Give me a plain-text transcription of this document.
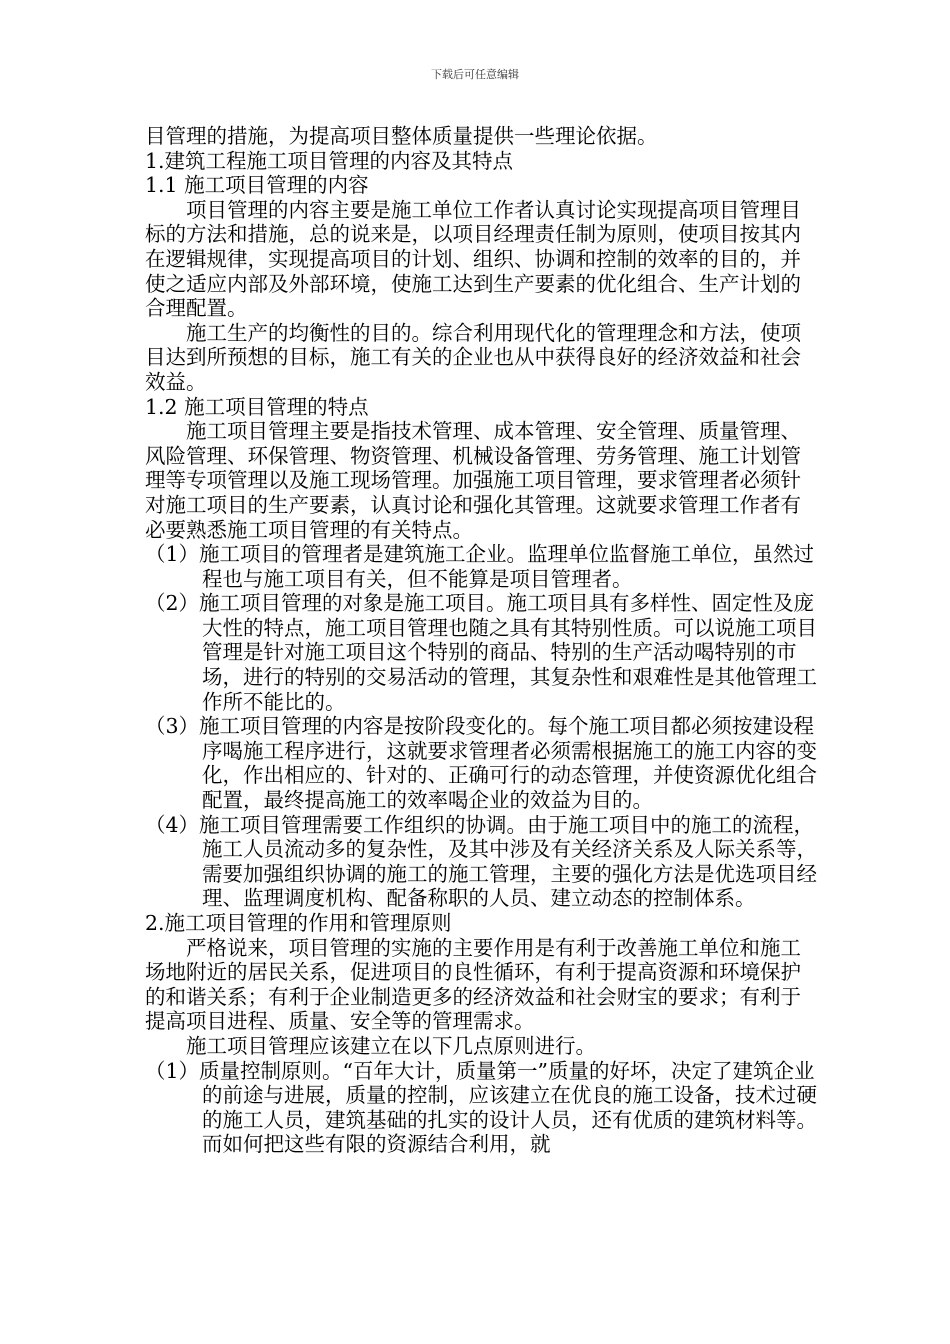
下载后可任意编辑

目管理的措施，为提高项目整体质量提供一些理论依据。

1.建筑工程施工项目管理的内容及其特点

1.1 施工项目管理的内容

项目管理的内容主要是施工单位工作者认真讨论实现提高项目管理目标的方法和措施，总的说来是，以项目经理责任制为原则，使项目按其内在逻辑规律，实现提高项目的计划、组织、协调和控制的效率的目的，并使之适应内部及外部环境，使施工达到生产要素的优化组合、生产计划的合理配置。

施工生产的均衡性的目的。综合利用现代化的管理理念和方法，使项目达到所预想的目标，施工有关的企业也从中获得良好的经济效益和社会效益。

1.2 施工项目管理的特点

施工项目管理主要是指技术管理、成本管理、安全管理、质量管理、风险管理、环保管理、物资管理、机械设备管理、劳务管理、施工计划管理等专项管理以及施工现场管理。加强施工项目管理，要求管理者必须针对施工项目的生产要素，认真讨论和强化其管理。这就要求管理工作者有必要熟悉施工项目管理的有关特点。

（1）施工项目的管理者是建筑施工企业。监理单位监督施工单位，虽然过程也与施工项目有关，但不能算是项目管理者。

（2）施工项目管理的对象是施工项目。施工项目具有多样性、固定性及庞大性的特点，施工项目管理也随之具有其特别性质。可以说施工项目管理是针对施工项目这个特别的商品、特别的生产活动喝特别的市场，进行的特别的交易活动的管理，其复杂性和艰难性是其他管理工作所不能比的。

（3）施工项目管理的内容是按阶段变化的。每个施工项目都必须按建设程序喝施工程序进行，这就要求管理者必须需根据施工的施工内容的变化，作出相应的、针对的、正确可行的动态管理，并使资源优化组合配置，最终提高施工的效率喝企业的效益为目的。

（4）施工项目管理需要工作组织的协调。由于施工项目中的施工的流程，施工人员流动多的复杂性，及其中涉及有关经济关系及人际关系等，需要加强组织协调的施工的施工管理，主要的强化方法是优选项目经理、监理调度机构、配备称职的人员、建立动态的控制体系。

2.施工项目管理的作用和管理原则

严格说来，项目管理的实施的主要作用是有利于改善施工单位和施工场地附近的居民关系，促进项目的良性循环，有利于提高资源和环境保护的和谐关系；有利于企业制造更多的经济效益和社会财宝的要求；有利于提高项目进程、质量、安全等的管理需求。

施工项目管理应该建立在以下几点原则进行。

（1）质量控制原则。“百年大计，质量第一”质量的好坏，决定了建筑企业的前途与进展，质量的控制，应该建立在优良的施工设备，技术过硬的施工人员，建筑基础的扎实的设计人员，还有优质的建筑材料等。而如何把这些有限的资源结合利用，就
